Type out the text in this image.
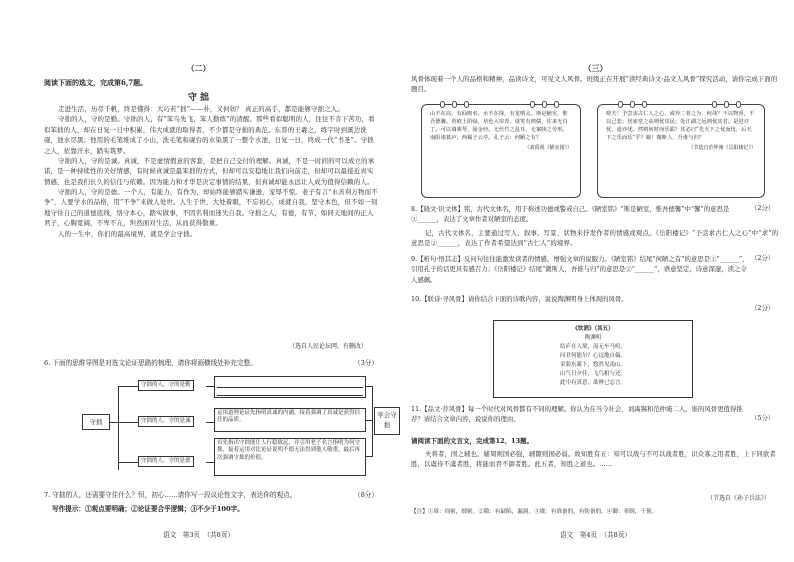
（二）
阅读下面的选文，完成第6,7题。
守 拙

走进生活，历尽千帆，终是懂得：大巧若“拙”——朴，又何妨？ 真正的高手，都是能够守拙之人。

守拙的人，守的是勤。守拙的人，有“笨鸟先飞，笨人勤练”的清醒。那些看似聪明的人，往往不肯下苦功，看似笨拙的人，却在日复一日中积累，伟大成就的取得者，不少都是守拙的典范。东晋的王羲之，练字时到溪边洗砚，池水尽黑；他用的毛笔堆成了小山，洗毛笔和砚台的水染黑了一整个水池，日复一日，终成一代“书圣”。守拙之人，依靠汗水，踏实筑梦。

守拙的人，守的是诚。真诚，不是虚情假意的客套，是把自己交付的理解。真诚，不是一时间的可以成立的承诺，是一种持续性的美好情感，有时候真诚是最笨拙的方式，但却可以安稳地让我们向前走，但却可以最接近真实情感，也是我们长久的信任与依赖。因为能力和才华是决定事情的结果，但真诚却能永远让人成为值得信赖的人。

守拙的人，守的是德。一个人，有能力，有作为，却始终能够踏实谦逊，宠辱不惊。老子有言“水善利万物而不争”，人要学水的品格，用“不争”来做人处世。人生于世，大处着眼，不忘初心，成就自我，坚守本色，但不如一刻地守住自己的道德底线，恪守本心，踏实做事，不因名利而迷失自我。守拙之人，有德，有节，如同天地间的正人君子，心胸宽阔，不卑不亢，坦然面对生活，从而获得敬重。

人的一生中，你们的最高境界，就是学会守拙。

（选自人民论坛网，有删改）
6. 下面的思维导图是对选文论证思路的梳理，请你将画横线处补充完整。	（3分）
守拙
守拙的人，守的是勤
守拙的人，守的是诚
守拙的人，守的是德
运用道理论证先指明真诚的内涵，接着强调了真诚是获得信任的品质。
首先指出守拙能让人行稳致远，并引用老子名言指明为何守拙，接着运用对比论证说明不德无法得到他人敬重，最后再次强调守拙的价值。
学会守拙
7. 守拙的人，还需要守住什么？恒，初心……请你写一段议论性文字，表达你的观点。	（8分）
写作提示：①观点要明确；②论证要合乎逻辑；③不少于100字。
语文　第3页　（共8页）
（三）
风骨体现着一个人的品格和精神，品读诗文，可见文人风骨。班级正在开展“读经典诗文·品文人风骨”探究活动，请你完成下面的题目。
山不在高，有仙则名。水不在深，有龙则灵。斯是陋室，惟吾德馨。苔痕上阶绿，草色入帘青。谈笑有鸿儒，往来无白丁。可以调素琴，阅金经。无丝竹之乱耳，无案牍之劳形。南阳诸葛庐，西蜀子云亭。孔子云：何陋之有？
（刘禹锡《陋室铭》）
嗟夫！予尝求古仁人之心，或异二者之为，何哉？不以物喜，不以己悲；居庙堂之高则忧其民；处江湖之远则忧其君。是进亦忧，退亦忧。然则何时而乐耶？其必曰“先天下之忧而忧，后天下之乐而乐”乎？噫！微斯人，吾谁与归？
（节选自范仲淹《岳阳楼记》）
8.【晓文·识文体】铭，古代文体名，用于称述功德或警戒自己。《陋室铭》“斯是陋室，惟吾德馨”中“馨”的意思是①______，表达了文章作者对陋室的态度。
（2分）
记，古代文体名，主要通过写人、叙事、写景、状物来抒发作者的情感或观点。《岳阳楼记》“予尝求古仁人之心”中“求”的意思是②______，表达了作者希望达到“古仁人”的境界。
9.【析句·悟其志】反问句往往能激发读者的情感，增强文章的说服力。《陋室铭》结尾“何陋之有”的意思是①“______”，引用孔子的话更具有感召力；《岳阳楼记》结尾“微斯人，吾谁与归”的意思是②“______”，语意坚定，诗意深邃，读之令人感佩。
（2分）
10.【联诗·寻风骨】请你结合下面的诗歌内容，说说陶渊明身上体现的风骨。
（2分）
《饮酒》（其五）
陶渊明
结庐在人境，而无车马喧。
问君何能尔？心远地自偏。
采菊东篱下，悠然见南山。
山气日夕佳，飞鸟相与还。
此中有真意，欲辨已忘言。
11.【品文·荐风骨】每一个时代对风骨都有不同的理解。你认为在当今社会，刘禹锡和范仲淹二人，谁的风骨更值得推荐？请结合文章内容，说说你的理由。	（5分）
请阅读下面的文言文，完成第12、13题。
夫将者，国之辅也。辅周则国必强，辅隙则国必弱。故知胜有五：知可以战与不可以战者胜，识众寡之用者胜，上下同欲者胜，以虞待不虞者胜，将能而君不御者胜。此五者，知胜之道也。……
（节选自《孙子兵法》）
【注】①周：周密，细密。②隙：有缺陷，漏洞。③虞：有准备的，有防备的。④御：牵制，干预。
语文　第4页　（共8页）
